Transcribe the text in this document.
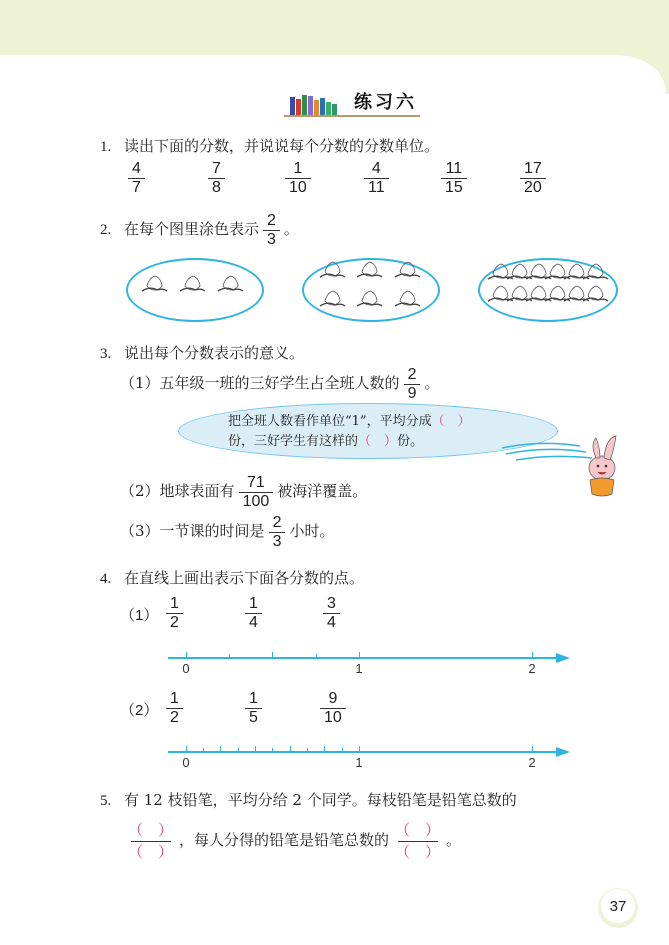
练习六
1. 读出下面的分数，并说说每个分数的分数单位。
4
7
7
8
1
10
4
11
11
15
17
20
2. 在每个图里涂色表示 $\frac{2}{3}$ 。
3. 说出每个分数表示的意义。
（1）五年级一班的三好学生占全班人数的 $\frac{2}{9}$ 。
把全班人数看作单位“1”，平均分成（　 ）
份，三好学生有这样的（　 ）份。
（2）地球表面有 $\frac{71}{100}$ 被海洋覆盖。
（3）一节课的时间是 $\frac{2}{3}$ 小时。
4. 在直线上画出表示下面各分数的点。
（1）
1
2
1
4
3
4
0	1	2
（2）
1
2
1
5
9
10
0	1	2
5. 有 12 枝铅笔，平均分给 2 个同学。每枝铅笔是铅笔总数的
$\frac{( )}{( )}$ ，每人分得的铅笔是铅笔总数的 $\frac{( )}{( )}$ 。
37
